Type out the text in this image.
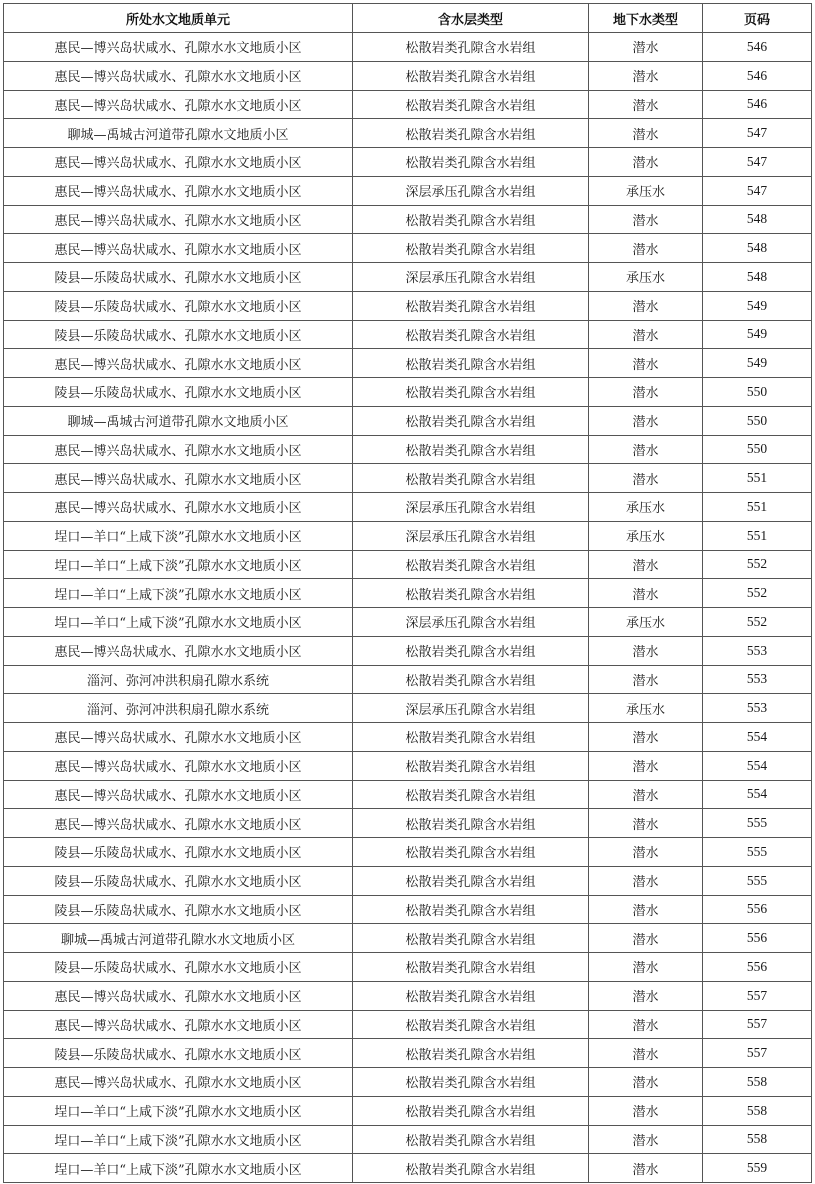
所处水文地质单元	含水层类型	地下水类型	页码
惠民—博兴岛状咸水、孔隙水水文地质小区	松散岩类孔隙含水岩组	潜水	546
惠民—博兴岛状咸水、孔隙水水文地质小区	松散岩类孔隙含水岩组	潜水	546
惠民—博兴岛状咸水、孔隙水水文地质小区	松散岩类孔隙含水岩组	潜水	546
聊城—禹城古河道带孔隙水文地质小区	松散岩类孔隙含水岩组	潜水	547
惠民—博兴岛状咸水、孔隙水水文地质小区	松散岩类孔隙含水岩组	潜水	547
惠民—博兴岛状咸水、孔隙水水文地质小区	深层承压孔隙含水岩组	承压水	547
惠民—博兴岛状咸水、孔隙水水文地质小区	松散岩类孔隙含水岩组	潜水	548
惠民—博兴岛状咸水、孔隙水水文地质小区	松散岩类孔隙含水岩组	潜水	548
陵县—乐陵岛状咸水、孔隙水水文地质小区	深层承压孔隙含水岩组	承压水	548
陵县—乐陵岛状咸水、孔隙水水文地质小区	松散岩类孔隙含水岩组	潜水	549
陵县—乐陵岛状咸水、孔隙水水文地质小区	松散岩类孔隙含水岩组	潜水	549
惠民—博兴岛状咸水、孔隙水水文地质小区	松散岩类孔隙含水岩组	潜水	549
陵县—乐陵岛状咸水、孔隙水水文地质小区	松散岩类孔隙含水岩组	潜水	550
聊城—禹城古河道带孔隙水文地质小区	松散岩类孔隙含水岩组	潜水	550
惠民—博兴岛状咸水、孔隙水水文地质小区	松散岩类孔隙含水岩组	潜水	550
惠民—博兴岛状咸水、孔隙水水文地质小区	松散岩类孔隙含水岩组	潜水	551
惠民—博兴岛状咸水、孔隙水水文地质小区	深层承压孔隙含水岩组	承压水	551
埕口—羊口“上咸下淡”孔隙水水文地质小区	深层承压孔隙含水岩组	承压水	551
埕口—羊口“上咸下淡”孔隙水水文地质小区	松散岩类孔隙含水岩组	潜水	552
埕口—羊口“上咸下淡”孔隙水水文地质小区	松散岩类孔隙含水岩组	潜水	552
埕口—羊口“上咸下淡”孔隙水水文地质小区	深层承压孔隙含水岩组	承压水	552
惠民—博兴岛状咸水、孔隙水水文地质小区	松散岩类孔隙含水岩组	潜水	553
淄河、弥河冲洪积扇孔隙水系统	松散岩类孔隙含水岩组	潜水	553
淄河、弥河冲洪积扇孔隙水系统	深层承压孔隙含水岩组	承压水	553
惠民—博兴岛状咸水、孔隙水水文地质小区	松散岩类孔隙含水岩组	潜水	554
惠民—博兴岛状咸水、孔隙水水文地质小区	松散岩类孔隙含水岩组	潜水	554
惠民—博兴岛状咸水、孔隙水水文地质小区	松散岩类孔隙含水岩组	潜水	554
惠民—博兴岛状咸水、孔隙水水文地质小区	松散岩类孔隙含水岩组	潜水	555
陵县—乐陵岛状咸水、孔隙水水文地质小区	松散岩类孔隙含水岩组	潜水	555
陵县—乐陵岛状咸水、孔隙水水文地质小区	松散岩类孔隙含水岩组	潜水	555
陵县—乐陵岛状咸水、孔隙水水文地质小区	松散岩类孔隙含水岩组	潜水	556
聊城—禹城古河道带孔隙水水文地质小区	松散岩类孔隙含水岩组	潜水	556
陵县—乐陵岛状咸水、孔隙水水文地质小区	松散岩类孔隙含水岩组	潜水	556
惠民—博兴岛状咸水、孔隙水水文地质小区	松散岩类孔隙含水岩组	潜水	557
惠民—博兴岛状咸水、孔隙水水文地质小区	松散岩类孔隙含水岩组	潜水	557
陵县—乐陵岛状咸水、孔隙水水文地质小区	松散岩类孔隙含水岩组	潜水	557
惠民—博兴岛状咸水、孔隙水水文地质小区	松散岩类孔隙含水岩组	潜水	558
埕口—羊口“上咸下淡”孔隙水水文地质小区	松散岩类孔隙含水岩组	潜水	558
埕口—羊口“上咸下淡”孔隙水水文地质小区	松散岩类孔隙含水岩组	潜水	558
埕口—羊口“上咸下淡”孔隙水水文地质小区	松散岩类孔隙含水岩组	潜水	559
